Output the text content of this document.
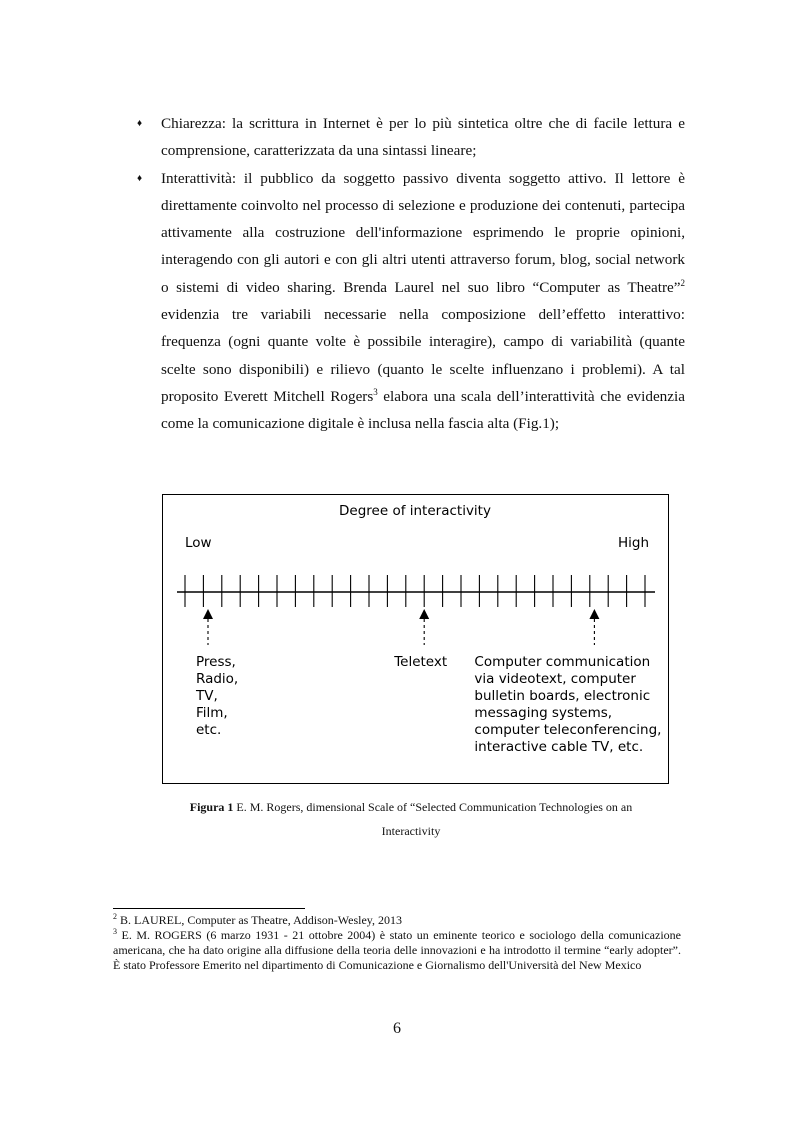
♦ Chiarezza: la scrittura in Internet è per lo più sintetica oltre che di facile lettura e comprensione, caratterizzata da una sintassi lineare;

♦ Interattività: il pubblico da soggetto passivo diventa soggetto attivo. Il lettore è direttamente coinvolto nel processo di selezione e produzione dei contenuti, partecipa attivamente alla costruzione dell'informazione esprimendo le proprie opinioni, interagendo con gli autori e con gli altri utenti attraverso forum, blog, social network o sistemi di video sharing. Brenda Laurel nel suo libro “Computer as Theatre”$^2$ evidenzia tre variabili necessarie nella composizione dell’effetto interattivo: frequenza (ogni quante volte è possibile interagire), campo di variabilità (quante scelte sono disponibili) e rilievo (quanto le scelte influenzano i problemi). A tal proposito Everett Mitchell Rogers$^3$ elabora una scala dell’interattività che evidenzia come la comunicazione digitale è inclusa nella fascia alta (Fig.1);

Degree of interactivity
Low	High
Press, Radio, TV, Film, etc.
Teletext Computer communication via videotext, computer bulletin boards, electronic messaging systems, computer teleconferencing, interactive cable TV, etc.
Figura 1 E. M. Rogers, dimensional Scale of “Selected Communication Technologies on an
Interactivity

$^2$ B. LAUREL, Computer as Theatre, Addison-Wesley, 2013

$^3$ E. M. ROGERS (6 marzo 1931 - 21 ottobre 2004) è stato un eminente teorico e sociologo della comunicazione americana, che ha dato origine alla diffusione della teoria delle innovazioni e ha introdotto il termine “early adopter”. È stato Professore Emerito nel dipartimento di Comunicazione e Giornalismo dell'Università del New Mexico

6
